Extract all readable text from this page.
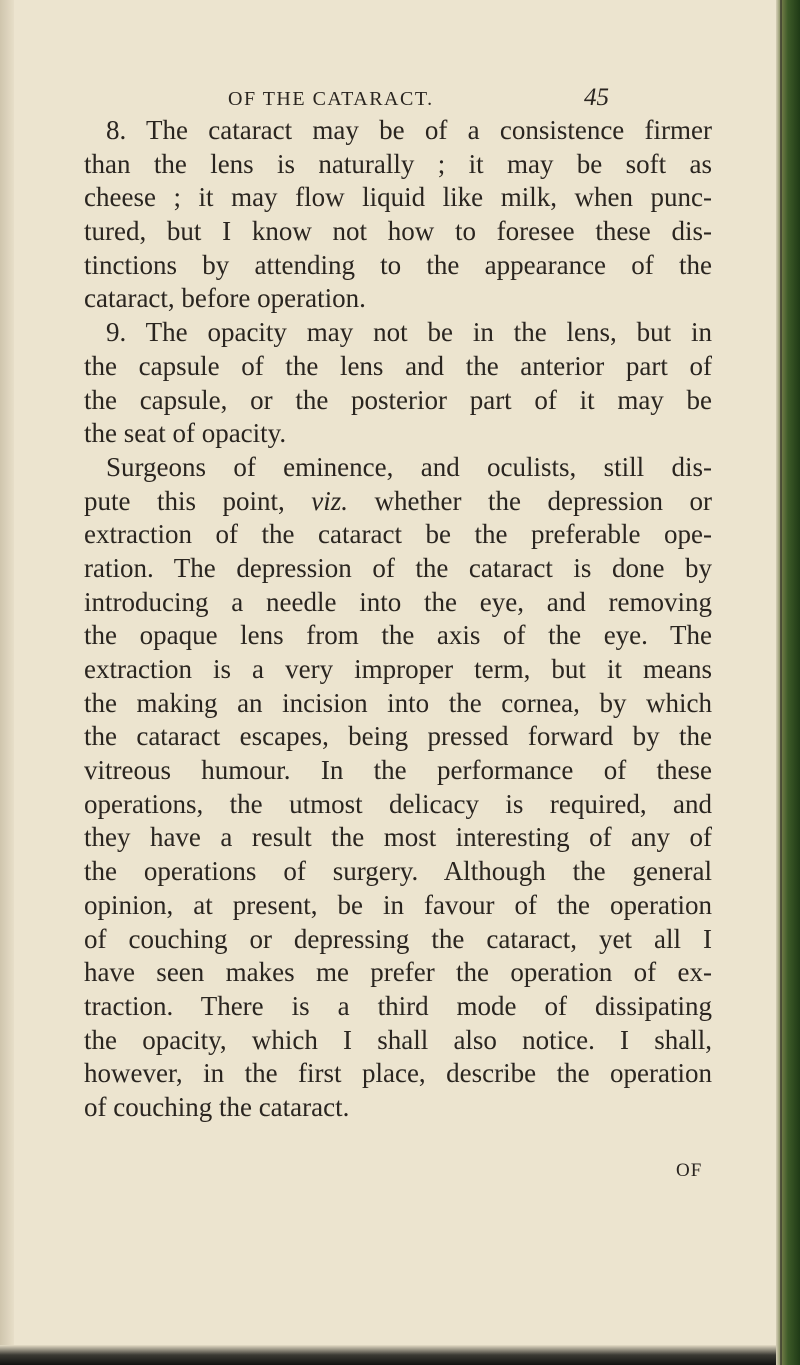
OF THE CATARACT.	45
8. The cataract may be of a consistence firmer
than the lens is naturally ; it may be soft as
cheese ; it may flow liquid like milk, when punc-
tured, but I know not how to foresee these dis-
tinctions by attending to the appearance of the
cataract, before operation.
9. The opacity may not be in the lens, but in
the capsule of the lens and the anterior part of
the capsule, or the posterior part of it may be
the seat of opacity.
Surgeons of eminence, and oculists, still dis-
pute this point, viz. whether the depression or
extraction of the cataract be the preferable ope-
ration. The depression of the cataract is done by
introducing a needle into the eye, and removing
the opaque lens from the axis of the eye. The
extraction is a very improper term, but it means
the making an incision into the cornea, by which
the cataract escapes, being pressed forward by the
vitreous humour. In the performance of these
operations, the utmost delicacy is required, and
they have a result the most interesting of any of
the operations of surgery. Although the general
opinion, at present, be in favour of the operation
of couching or depressing the cataract, yet all I
have seen makes me prefer the operation of ex-
traction. There is a third mode of dissipating
the opacity, which I shall also notice. I shall,
however, in the first place, describe the operation
of couching the cataract.
OF
